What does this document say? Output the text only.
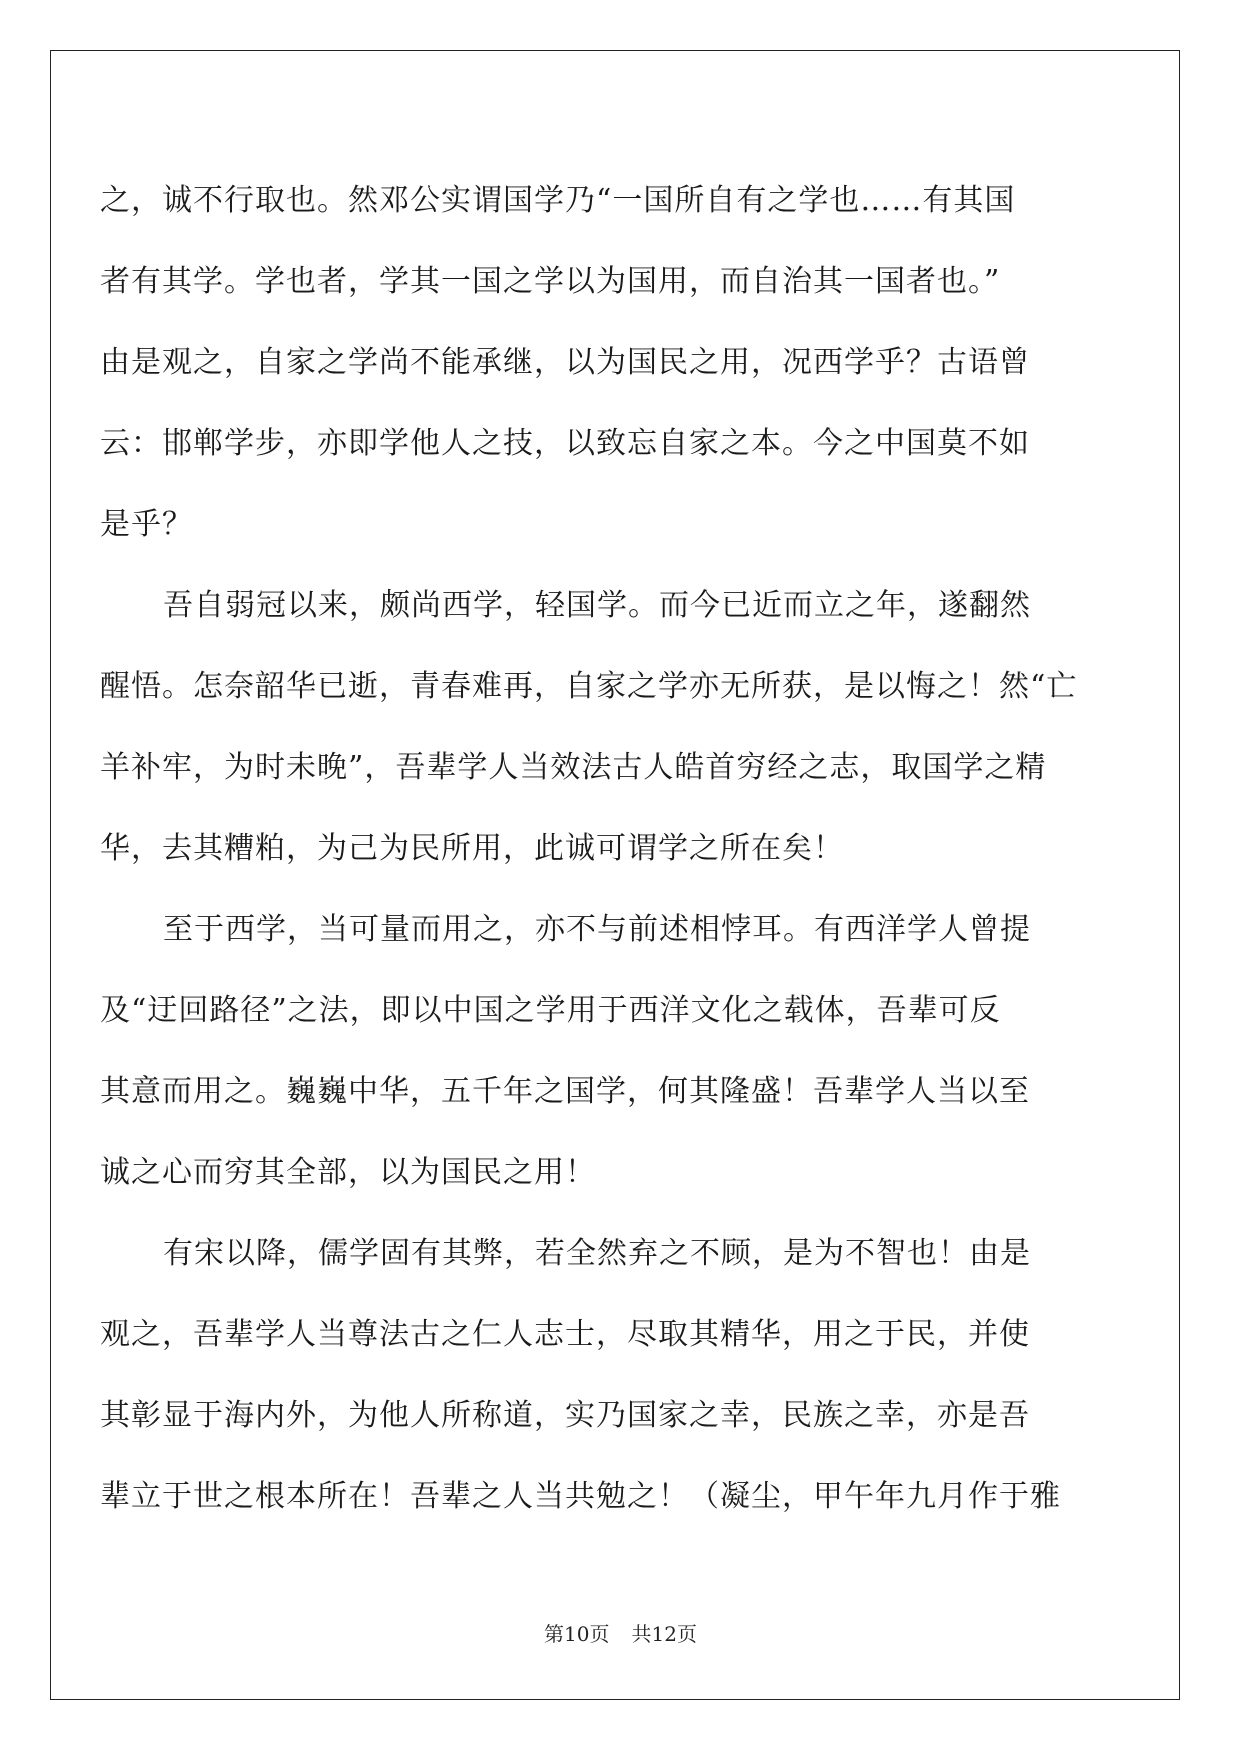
之，诚不行取也。然邓公实谓国学乃“一国所自有之学也……有其国
者有其学。学也者，学其一国之学以为国用，而自治其一国者也。”
由是观之，自家之学尚不能承继，以为国民之用，况西学乎？古语曾
云：邯郸学步，亦即学他人之技，以致忘自家之本。今之中国莫不如
是乎？
吾自弱冠以来，颇尚西学，轻国学。而今已近而立之年，遂翻然
醒悟。怎奈韶华已逝，青春难再，自家之学亦无所获，是以悔之！然“亡
羊补牢，为时未晚”，吾辈学人当效法古人皓首穷经之志，取国学之精
华，去其糟粕，为己为民所用，此诚可谓学之所在矣！
至于西学，当可量而用之，亦不与前述相悖耳。有西洋学人曾提
及“迂回路径”之法，即以中国之学用于西洋文化之载体，吾辈可反
其意而用之。巍巍中华，五千年之国学，何其隆盛！吾辈学人当以至
诚之心而穷其全部，以为国民之用！
有宋以降，儒学固有其弊，若全然弃之不顾，是为不智也！由是
观之，吾辈学人当尊法古之仁人志士，尽取其精华，用之于民，并使
其彰显于海内外，为他人所称道，实乃国家之幸，民族之幸，亦是吾
辈立于世之根本所在！吾辈之人当共勉之！（凝尘，甲午年九月作于雅
第10页 共12页
